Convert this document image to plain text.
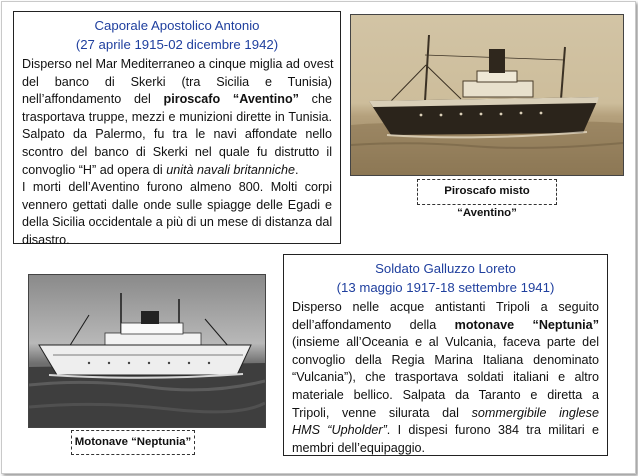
Caporale Apostolico Antonio
(27 aprile 1915-02 dicembre 1942)
Disperso nel Mar Mediterraneo a cinque miglia ad ovest
del banco di Skerki (tra Sicilia e Tunisia)
nell’affondamento del piroscafo “Aventino” che
trasportava truppe, mezzi e munizioni dirette in Tunisia.
Salpato da Palermo, fu tra le navi affondate nello
scontro del banco di Skerki nel quale fu distrutto il
convoglio “H” ad opera di unità navali britanniche.
I morti dell’Aventino furono almeno 800. Molti corpi
vennero gettati dalle onde sulle spiagge delle Egadi e
della Sicilia occidentale a più di un mese di distanza dal
disastro.
Piroscafo misto “Aventino”
Motonave “Neptunia”
Soldato Galluzzo Loreto
(13 maggio 1917-18 settembre 1941)
Disperso nelle acque antistanti Tripoli a seguito
dell’affondamento della motonave “Neptunia”
(insieme all’Oceania e al Vulcania, faceva parte del
convoglio della Regia Marina Italiana denominato
“Vulcania”), che trasportava soldati italiani e altro
materiale bellico. Salpata da Taranto e diretta a
Tripoli, venne silurata dal sommergibile inglese
HMS “Upholder”. I dispesi furono 384 tra militari e
membri dell’equipaggio.
